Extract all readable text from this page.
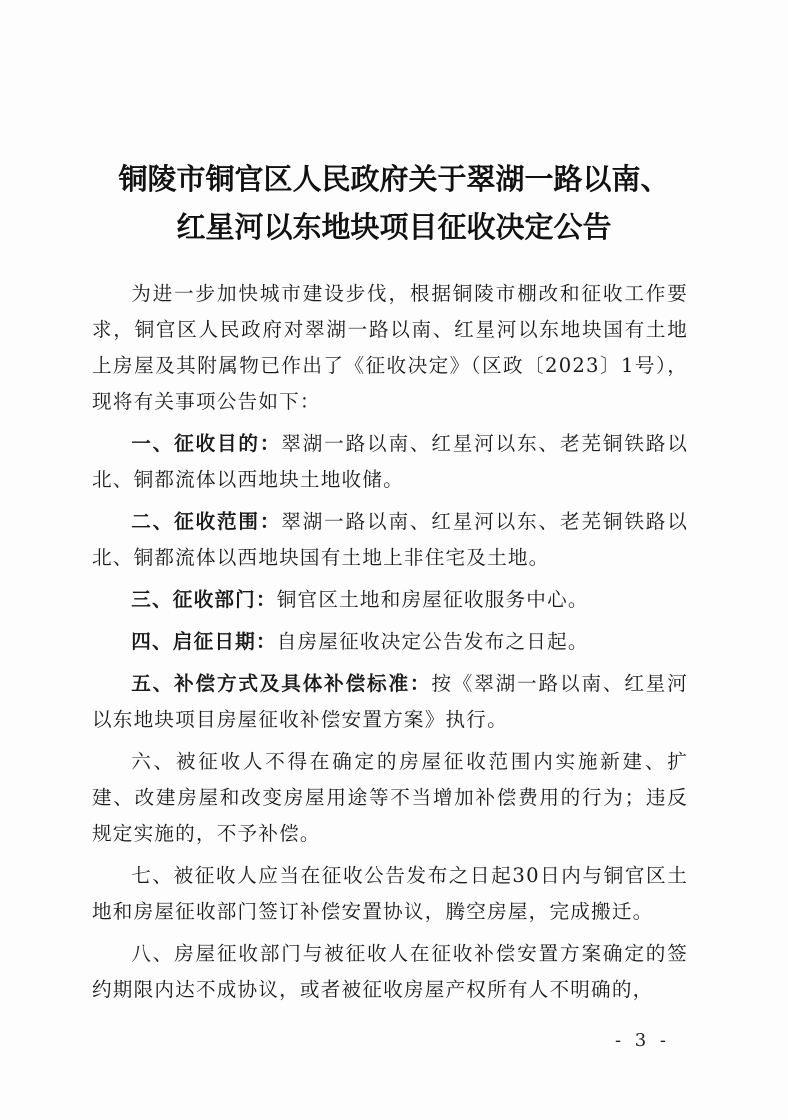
铜陵市铜官区人民政府关于翠湖一路以南、
红星河以东地块项目征收决定公告

为进一步加快城市建设步伐，根据铜陵市棚改和征收工作要求，铜官区人民政府对翠湖一路以南、红星河以东地块国有土地上房屋及其附属物已作出了《征收决定》（区政〔2023〕1号），现将有关事项公告如下：

一、征收目的：翠湖一路以南、红星河以东、老芜铜铁路以北、铜都流体以西地块土地收储。

二、征收范围：翠湖一路以南、红星河以东、老芜铜铁路以北、铜都流体以西地块国有土地上非住宅及土地。

三、征收部门：铜官区土地和房屋征收服务中心。

四、启征日期：自房屋征收决定公告发布之日起。

五、补偿方式及具体补偿标准：按《翠湖一路以南、红星河以东地块项目房屋征收补偿安置方案》执行。

六、被征收人不得在确定的房屋征收范围内实施新建、扩建、改建房屋和改变房屋用途等不当增加补偿费用的行为；违反规定实施的，不予补偿。

七、被征收人应当在征收公告发布之日起30日内与铜官区土地和房屋征收部门签订补偿安置协议，腾空房屋，完成搬迁。

八、房屋征收部门与被征收人在征收补偿安置方案确定的签约期限内达不成协议，或者被征收房屋产权所有人不明确的，

- 3 -
